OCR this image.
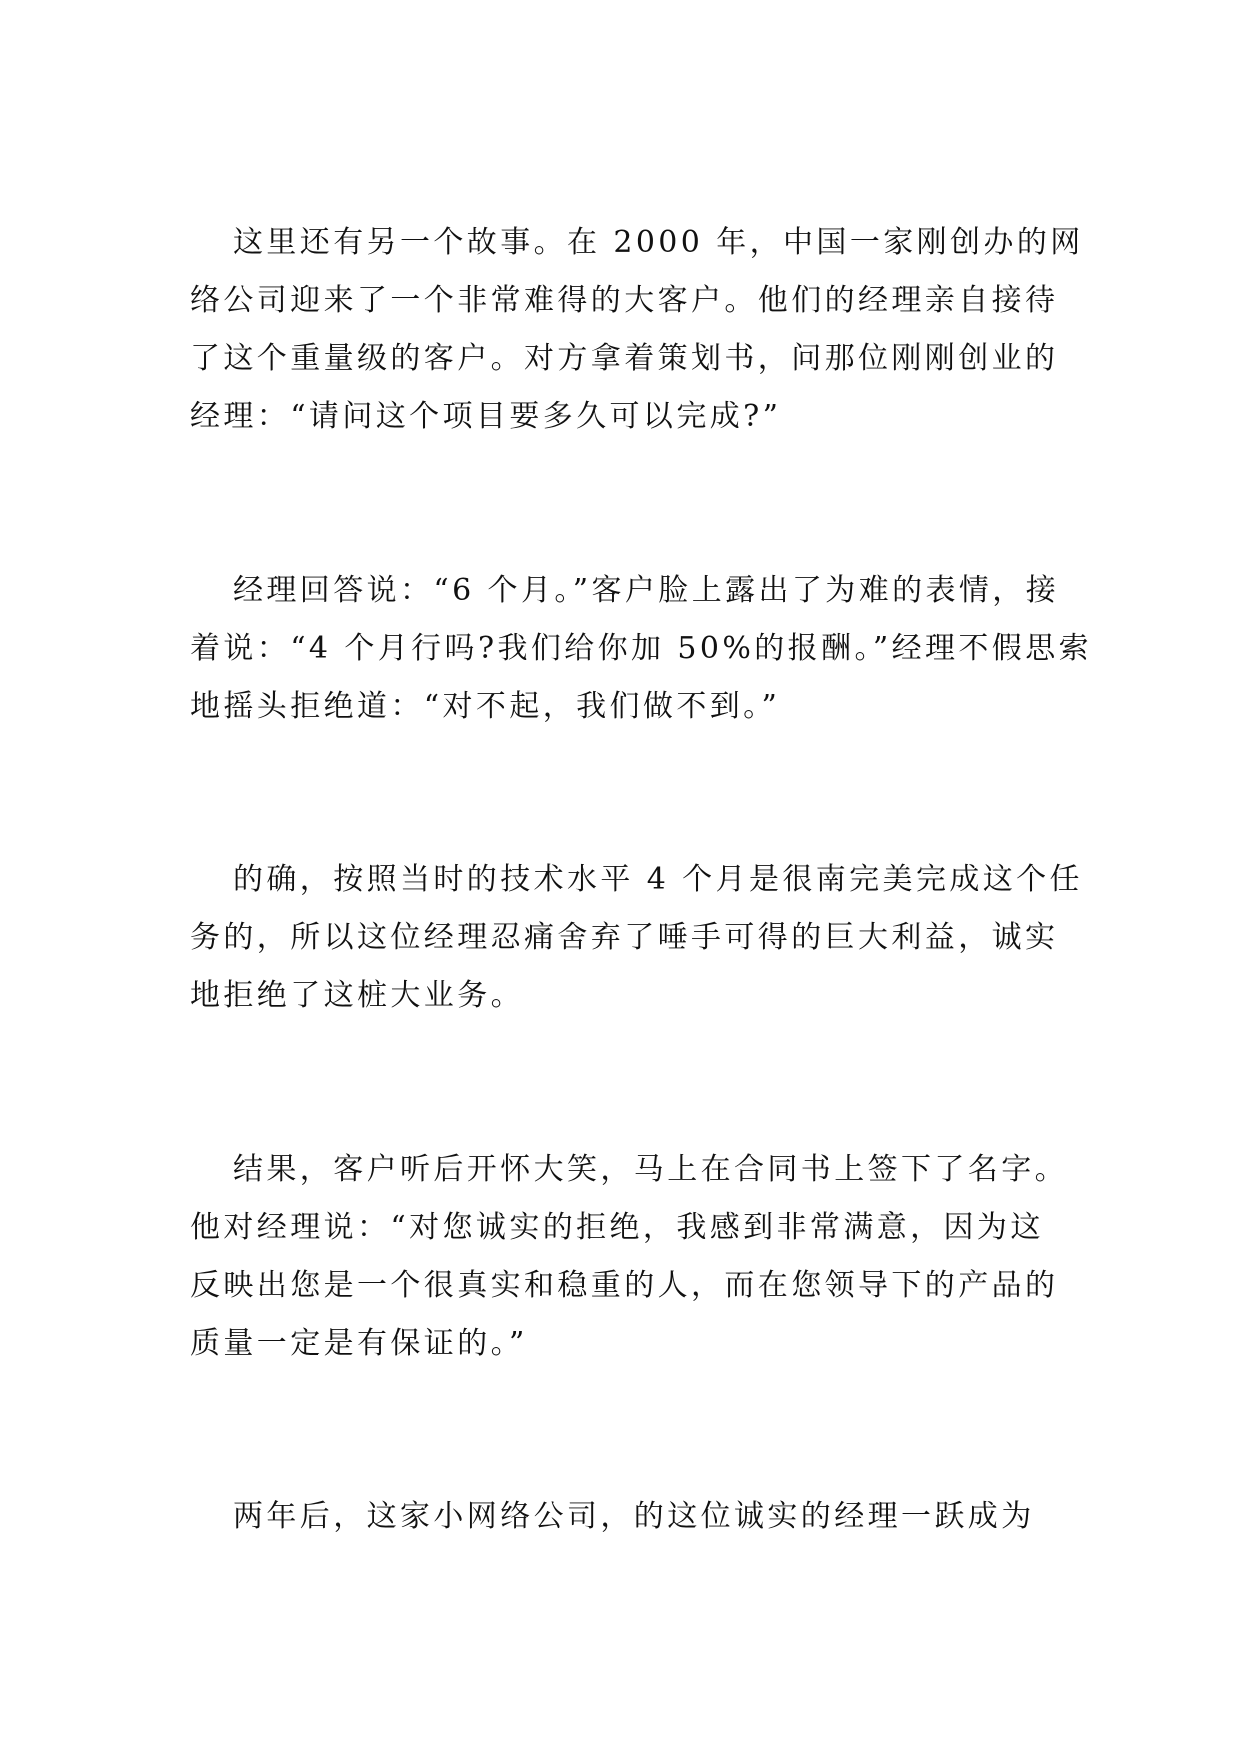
这里还有另一个故事。在 2000 年，中国一家刚创办的网
络公司迎来了一个非常难得的大客户。他们的经理亲自接待
了这个重量级的客户。对方拿着策划书，问那位刚刚创业的
经理：“请问这个项目要多久可以完成?”
经理回答说：“6 个月。”客户脸上露出了为难的表情，接
着说：“4 个月行吗?我们给你加 50%的报酬。”经理不假思索
地摇头拒绝道：“对不起，我们做不到。”
的确，按照当时的技术水平 4 个月是很南完美完成这个任
务的，所以这位经理忍痛舍弃了唾手可得的巨大利益，诚实
地拒绝了这桩大业务。
结果，客户听后开怀大笑，马上在合同书上签下了名字。
他对经理说：“对您诚实的拒绝，我感到非常满意，因为这
反映出您是一个很真实和稳重的人，而在您领导下的产品的
质量一定是有保证的。”
两年后，这家小网络公司，的这位诚实的经理一跃成为
